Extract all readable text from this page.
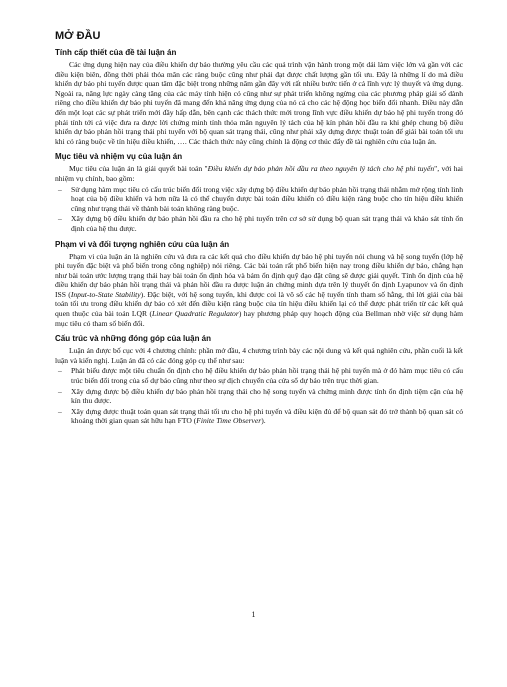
MỞ ĐẦU
Tính cấp thiết của đề tài luận án

Các ứng dụng hiện nay của điều khiển dự báo thường yêu cầu các quá trình vận hành trong một dải làm việc lớn và gần với các điều kiện biên, đồng thời phải thỏa mãn các ràng buộc cũng như phải đạt được chất lượng gần tối ưu. Đây là những lí do mà điều khiển dự báo phi tuyến được quan tâm đặc biệt trong những năm gần đây với rất nhiều bước tiến ở cả lĩnh vực lý thuyết và ứng dụng. Ngoài ra, năng lực ngày càng tăng của các máy tính hiện có cũng như sự phát triển không ngừng của các phương pháp giải số dành riêng cho điều khiển dự báo phi tuyến đã mang đến khả năng ứng dụng của nó cả cho các hệ động học biến đổi nhanh. Điều này dẫn đến một loạt các sự phát triển mới đầy hấp dẫn, bên cạnh các thách thức mới trong lĩnh vực điều khiển dự báo hệ phi tuyến trong đó phải tính tới cả việc đưa ra được lời chứng minh tính thỏa mãn nguyên lý tách của hệ kín phản hồi đầu ra khi ghép chung bộ điều khiển dự báo phản hồi trạng thái phi tuyến với bộ quan sát trạng thái, cũng như phải xây dựng được thuật toán để giải bài toán tối ưu khi có ràng buộc về tín hiệu điều khiển, …. Các thách thức này cũng chính là động cơ thúc đẩy đề tài nghiên cứu của luận án.

Mục tiêu và nhiệm vụ của luận án

Mục tiêu của luận án là giải quyết bài toán "Điều khiển dự báo phản hồi đầu ra theo nguyên lý tách cho hệ phi tuyến", với hai nhiệm vụ chính, bao gồm:

– Sử dụng hàm mục tiêu có cấu trúc biến đổi trong việc xây dựng bộ điều khiển dự báo phản hồi trạng thái nhằm mở rộng tính linh hoạt của bộ điều khiển và hơn nữa là có thể chuyển được bài toán điều khiển có điều kiện ràng buộc cho tín hiệu điều khiển cũng như trạng thái về thành bài toán không ràng buộc.
– Xây dựng bộ điều khiển dự báo phản hồi đầu ra cho hệ phi tuyến trên cơ sở sử dụng bộ quan sát trạng thái và khảo sát tính ổn định của hệ thu được.
Phạm vi và đối tượng nghiên cứu của luận án

Phạm vi của luận án là nghiên cứu và đưa ra các kết quả cho điều khiển dự báo hệ phi tuyến nói chung và hệ song tuyến (lớp hệ phi tuyến đặc biệt và phổ biến trong công nghiệp) nói riêng. Các bài toán rất phổ biến hiện nay trong điều khiển dự báo, chẳng hạn như bài toán ước lượng trạng thái hay bài toán ổn định hóa và bám ổn định quỹ đạo đặt cũng sẽ được giải quyết. Tính ổn định của hệ điều khiển dự báo phản hồi trạng thái và phản hồi đầu ra được luận án chứng minh dựa trên lý thuyết ổn định Lyapunov và ổn định ISS (Input-to-State Stability). Đặc biệt, với hệ song tuyến, khi được coi là vô số các hệ tuyến tính tham số hằng, thì lời giải của bài toán tối ưu trong điều khiển dự báo có xét đến điều kiện ràng buộc của tín hiệu điều khiển lại có thể được phát triển từ các kết quả quen thuộc của bài toán LQR (Linear Quadratic Regulator) hay phương pháp quy hoạch động của Bellman nhờ việc sử dụng hàm mục tiêu có tham số biến đổi.

Cấu trúc và những đóng góp của luận án

Luận án được bố cục với 4 chương chính: phần mở đầu, 4 chương trình bày các nội dung và kết quả nghiên cứu, phần cuối là kết luận và kiến nghị. Luận án đã có các đóng góp cụ thể như sau:

– Phát biểu được một tiêu chuẩn ổn định cho hệ điều khiển dự báo phản hồi trạng thái hệ phi tuyến mà ở đó hàm mục tiêu có cấu trúc biến đổi trong của số dự báo cũng như theo sự dịch chuyển của cửa sổ dự báo trên trục thời gian.
– Xây dựng được bộ điều khiển dự báo phản hồi trạng thái cho hệ song tuyến và chứng minh được tính ổn định tiệm cận của hệ kín thu được.
– Xây dựng được thuật toán quan sát trạng thái tối ưu cho hệ phi tuyến và điều kiện đủ để bộ quan sát đó trở thành bộ quan sát có khoảng thời gian quan sát hữu hạn FTO (Finite Time Observer).
1
